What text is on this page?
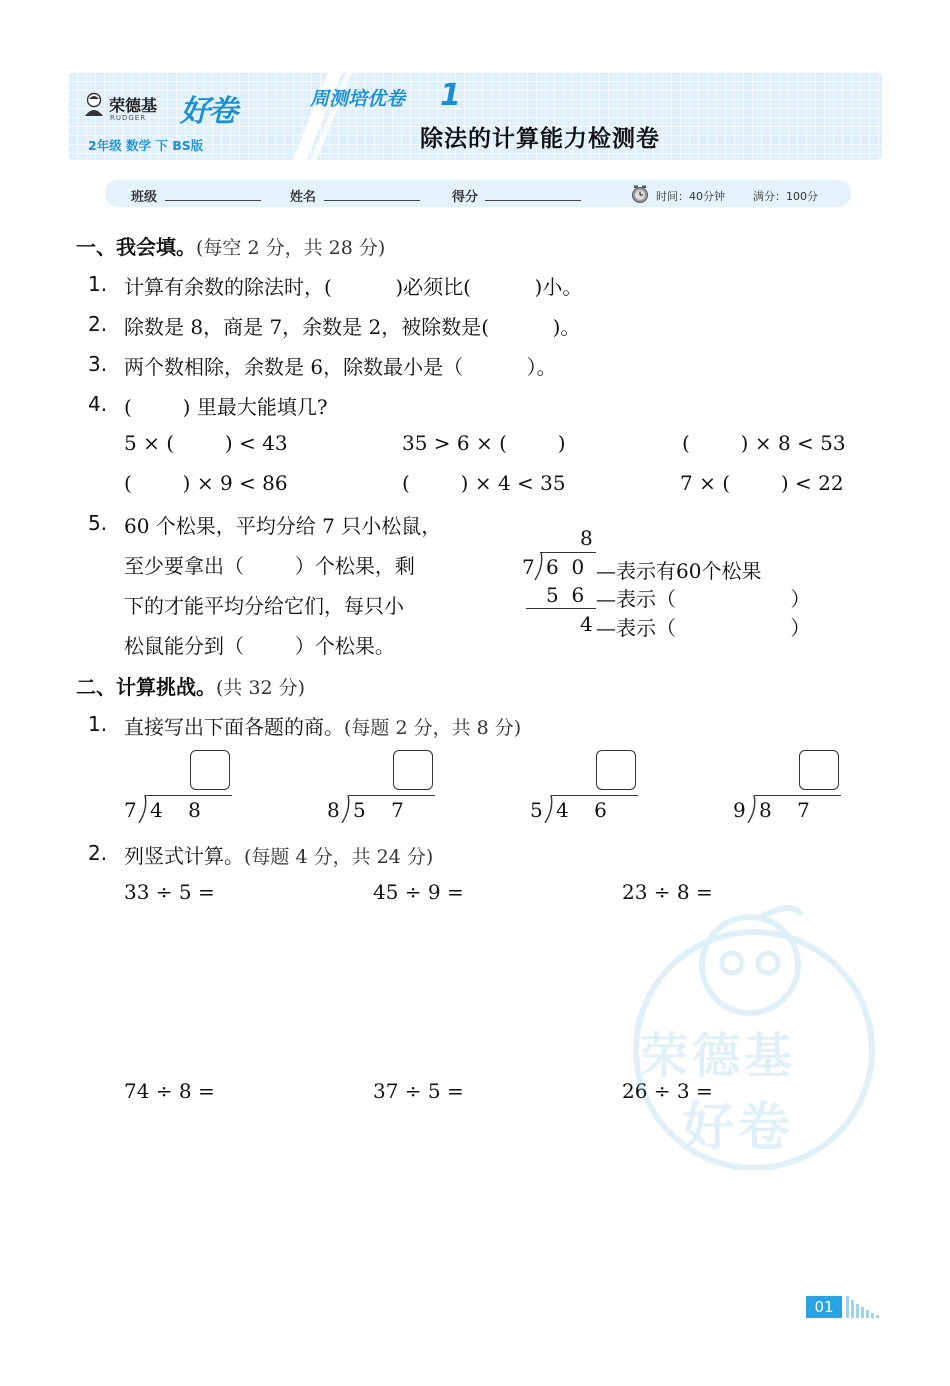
荣德基 好卷
RUDGER
2年级 数学 下 BS版
周测培优卷 1
除法的计算能力检测卷
班级	姓名	得分	时间：40分钟	满分：100分
一、我会填。(每空 2 分，共 28 分)
1. 计算有余数的除法时，(          )必须比(          )小。
2. 除数是 8，商是 7，余数是 2，被除数是(          )。
3. 两个数相除，余数是 6，除数最小是（          ）。
4. (        ) 里最大能填几?
5 × (        ) < 43	35 > 6 × (        )	(        ) × 8 < 53
(        ) × 9 < 86	(        ) × 4 < 35	7 × (        ) < 22
5. 60 个松果，平均分给 7 只小松鼠，
至少要拿出（        ）个松果，剩
下的才能平均分给它们，每只小
松鼠能分到（        ）个松果。
8
7 6  0 —表示有60个松果
5  6 —表示（                  ）
4 —表示（                  ）
二、计算挑战。(共 32 分)
1. 直接写出下面各题的商。(每题 2 分，共 8 分)
7 4    8	8 5    7	5 4    6	9 8    7
2. 列竖式计算。(每题 4 分，共 24 分)
33 ÷ 5 =	45 ÷ 9 =	23 ÷ 8 =
74 ÷ 8 =	37 ÷ 5 =	26 ÷ 3 =
荣德基
好卷
01
